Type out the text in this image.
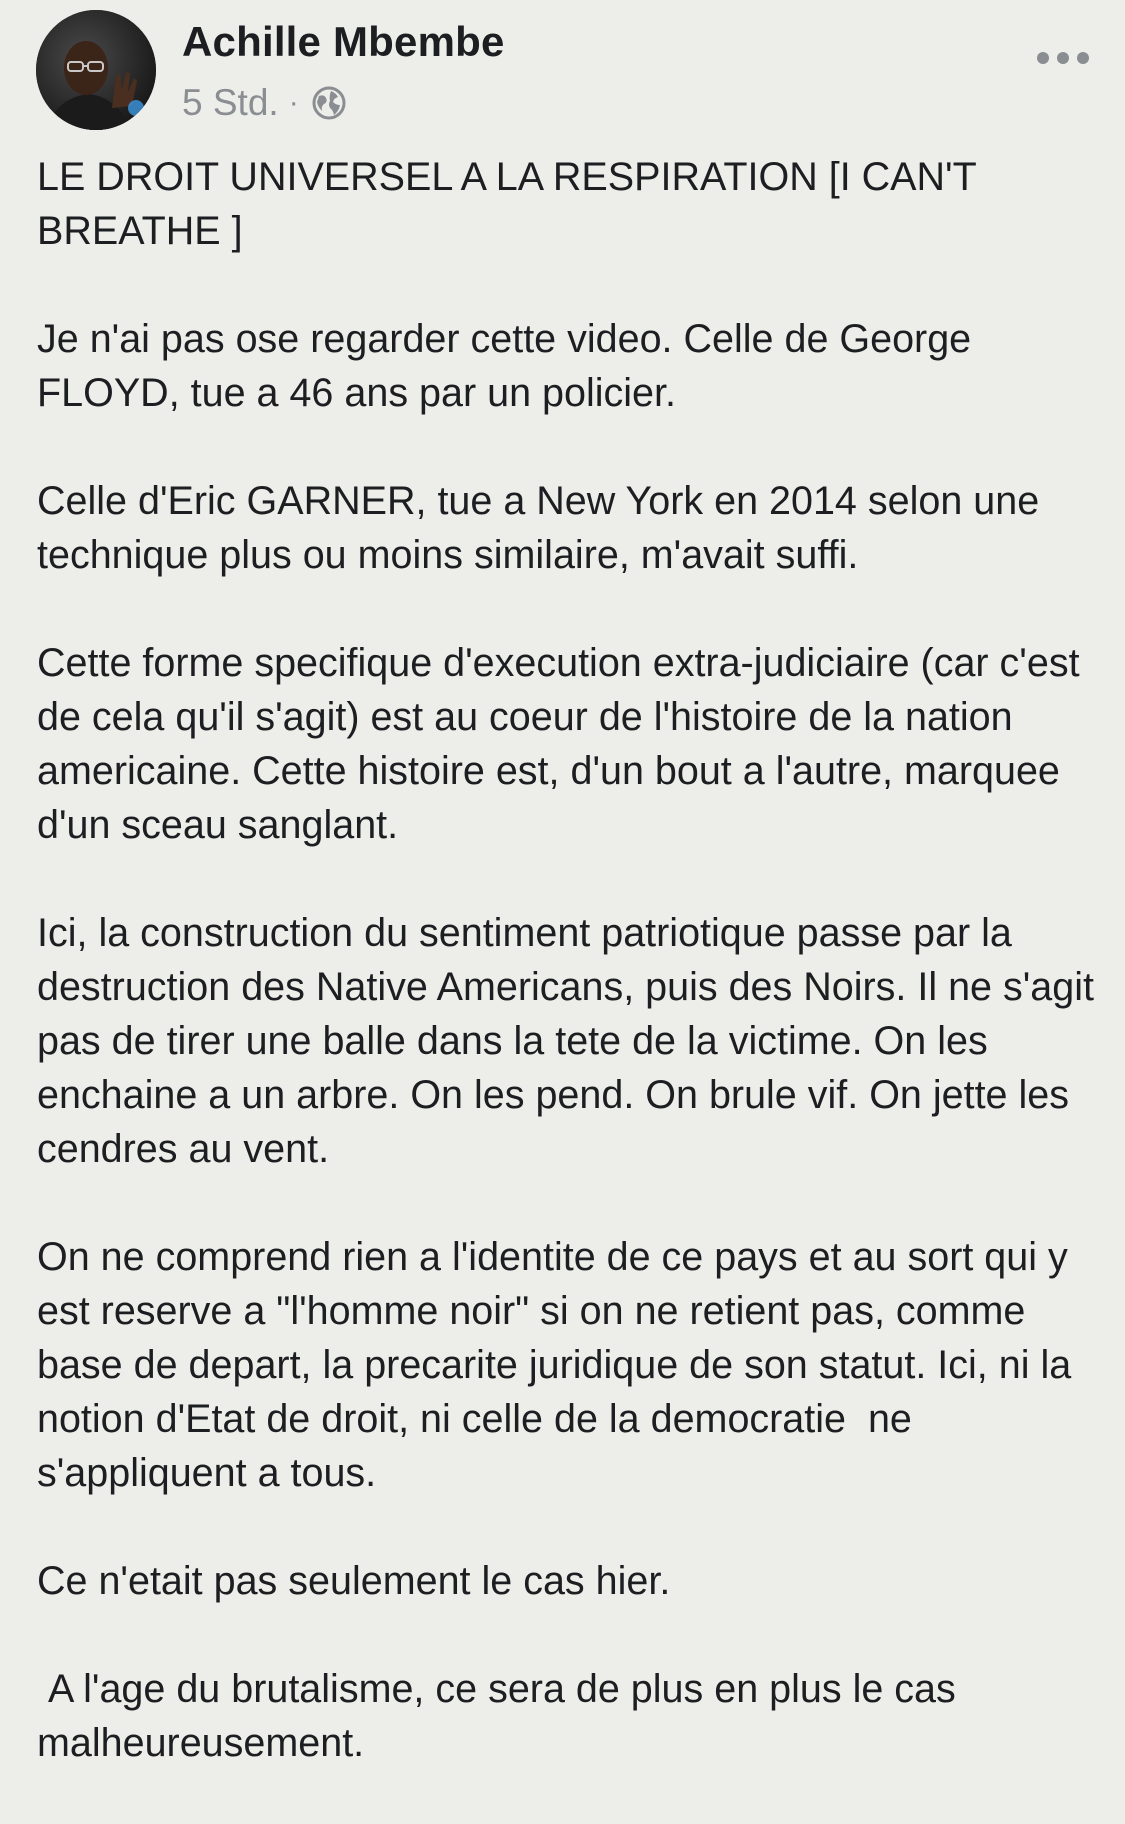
Achille Mbembe
5 Std. ·

LE DROIT UNIVERSEL A LA RESPIRATION [I CAN'T BREATHE ]

Je n'ai pas ose regarder cette video. Celle de George FLOYD, tue a 46 ans par un policier.

Celle d'Eric GARNER, tue a New York en 2014 selon une technique plus ou moins similaire, m'avait suffi.

Cette forme specifique d'execution extra-judiciaire (car c'est de cela qu'il s'agit) est au coeur de l'histoire de la nation americaine. Cette histoire est, d'un bout a l'autre, marquee d'un sceau sanglant.

Ici, la construction du sentiment patriotique passe par la destruction des Native Americans, puis des Noirs. Il ne s'agit pas de tirer une balle dans la tete de la victime. On les enchaine a un arbre. On les pend. On brule vif. On jette les cendres au vent.

On ne comprend rien a l'identite de ce pays et au sort qui y est reserve a "l'homme noir" si on ne retient pas, comme base de depart, la precarite juridique de son statut. Ici, ni la notion d'Etat de droit, ni celle de la democratie  ne s'appliquent a tous.

Ce n'etait pas seulement le cas hier.

A l'age du brutalisme, ce sera de plus en plus le cas malheureusement.
